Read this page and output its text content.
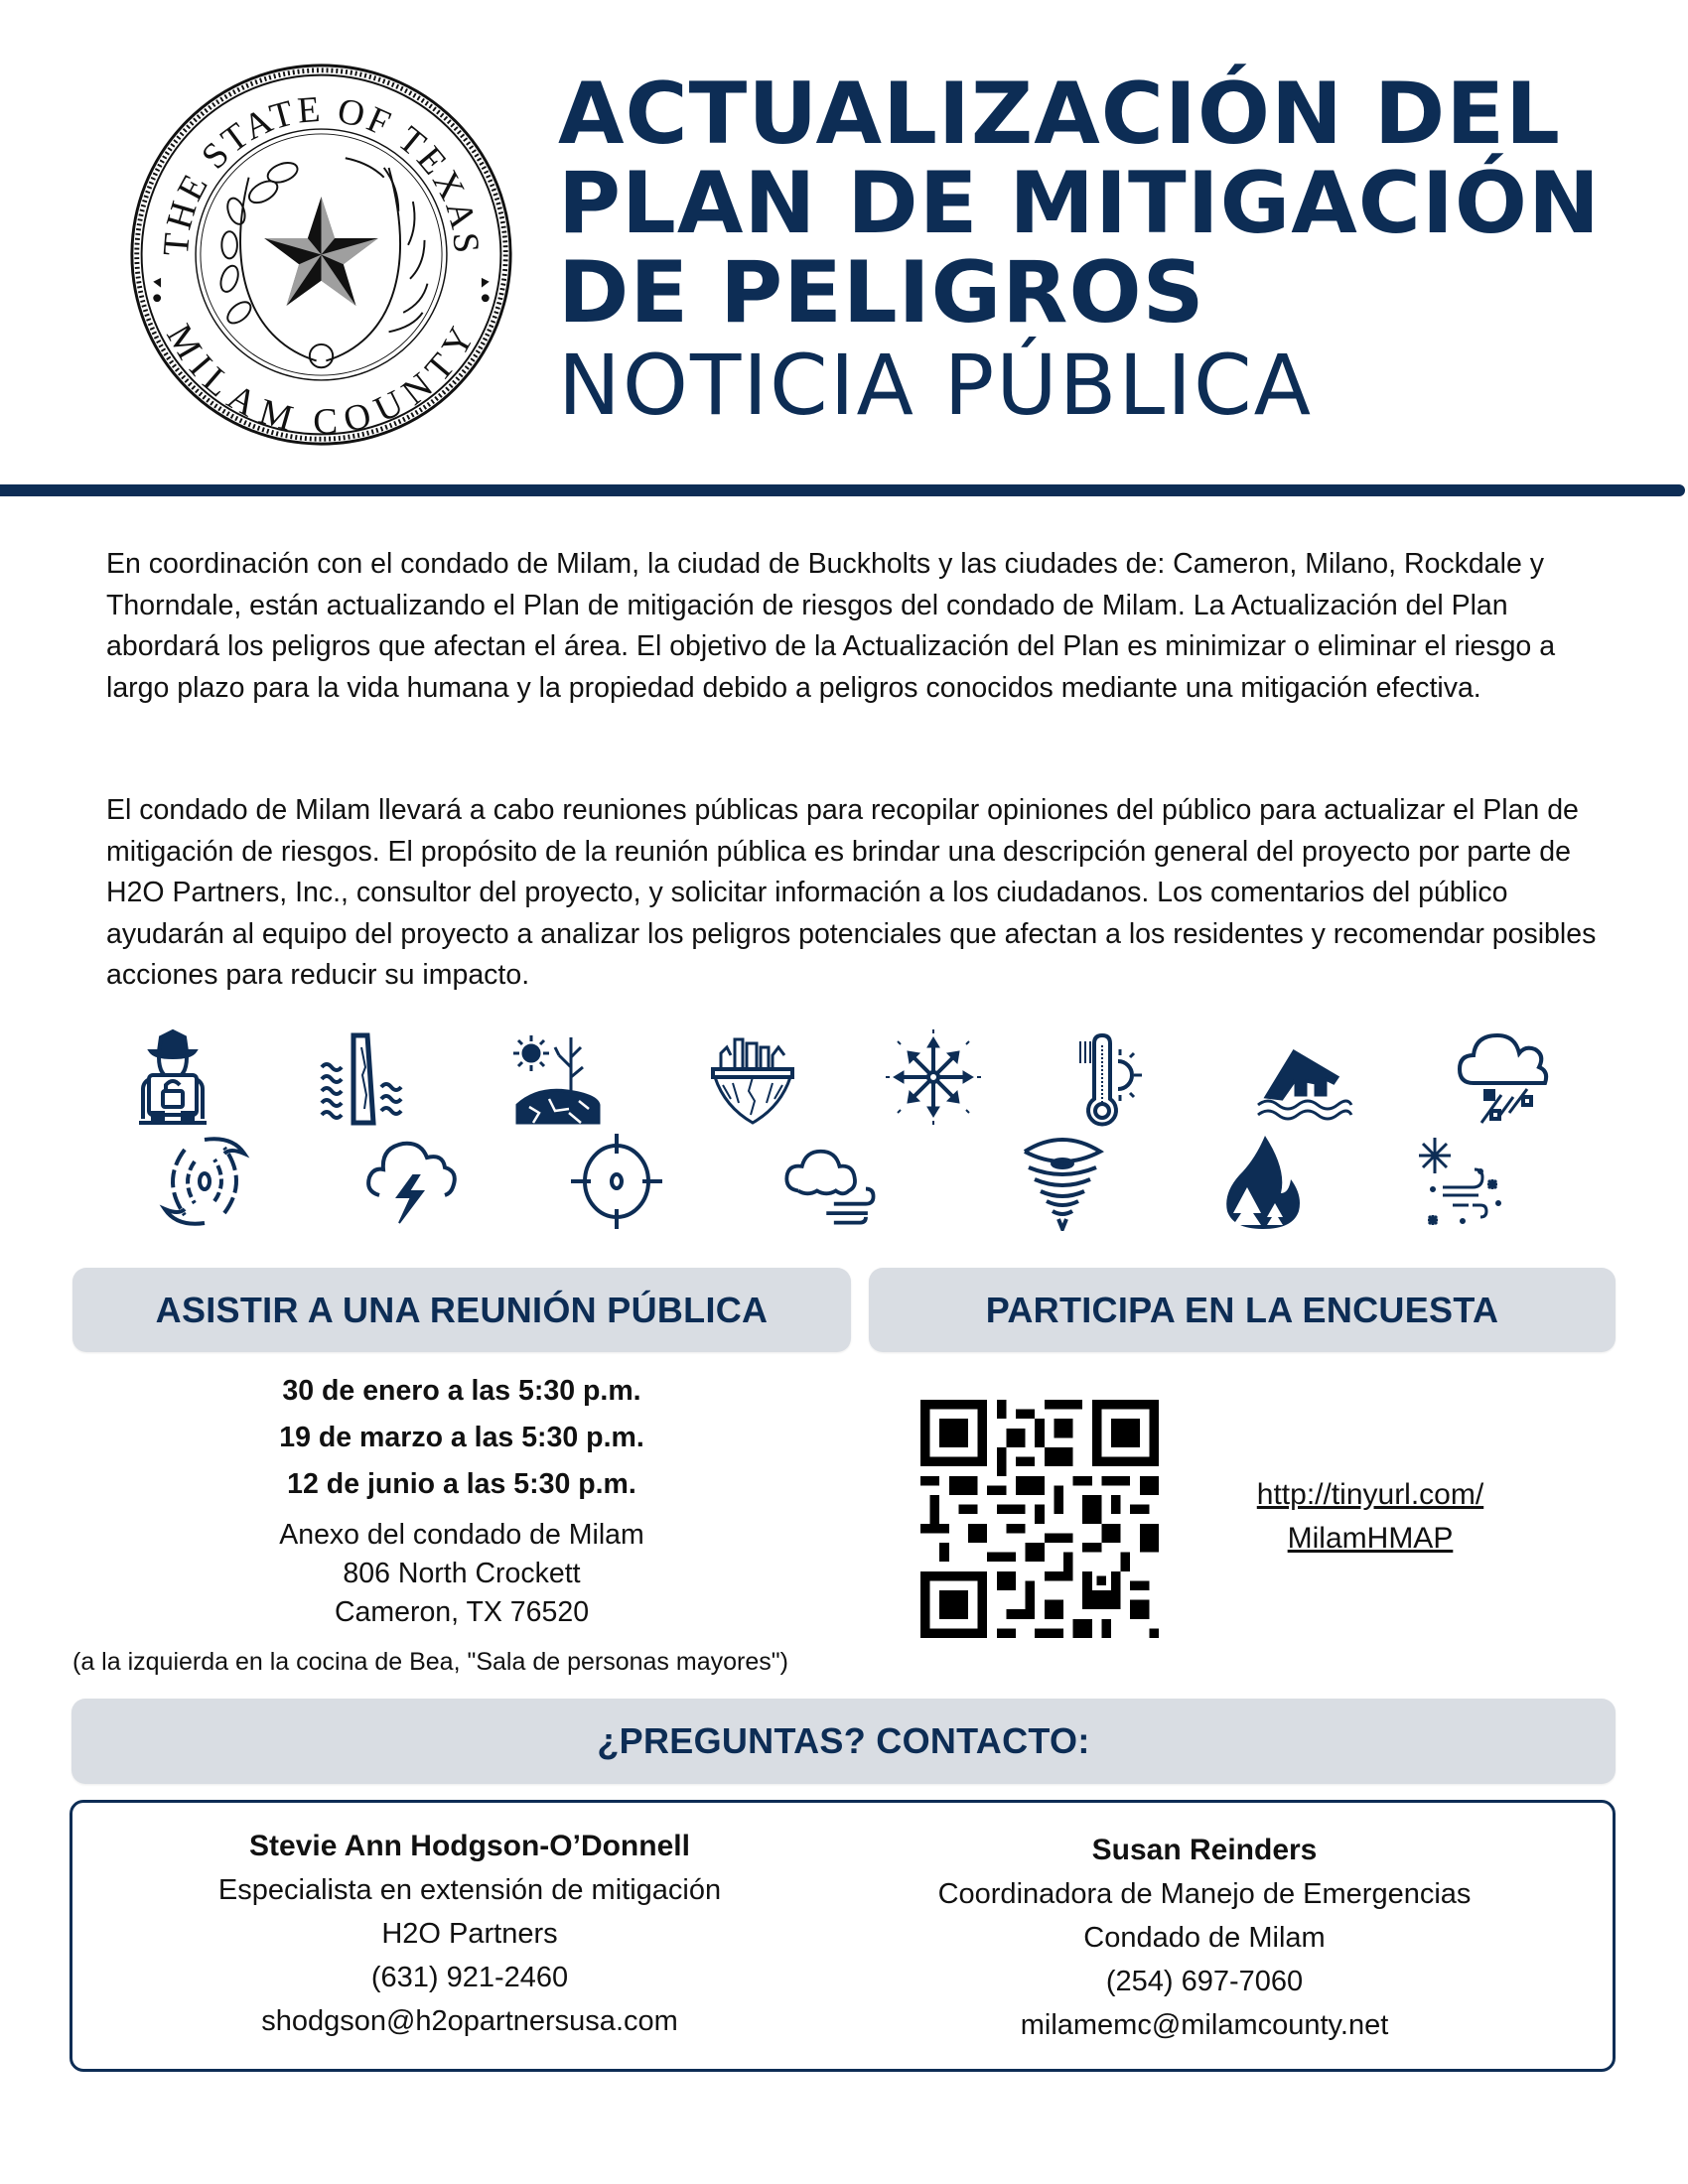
THE STATE OF TEXAS
MILAM COUNTY
ACTUALIZACIÓN DEL
PLAN DE MITIGACIÓN
DE PELIGROS
NOTICIA PÚBLICA

En coordinación con el condado de Milam, la ciudad de Buckholts y las ciudades de: Cameron, Milano, Rockdale y Thorndale, están actualizando el Plan de mitigación de riesgos del condado de Milam. La Actualización del Plan abordará los peligros que afectan el área. El objetivo de la Actualización del Plan es minimizar o eliminar el riesgo a largo plazo para la vida humana y la propiedad debido a peligros conocidos mediante una mitigación efectiva.

El condado de Milam llevará a cabo reuniones públicas para recopilar opiniones del público para actualizar el Plan de mitigación de riesgos. El propósito de la reunión pública es brindar una descripción general del proyecto por parte de H2O Partners, Inc., consultor del proyecto, y solicitar información a los ciudadanos. Los comentarios del público ayudarán al equipo del proyecto a analizar los peligros potenciales que afectan a los residentes y recomendar posibles acciones para reducir su impacto.

ASISTIR A UNA REUNIÓN PÚBLICA	PARTICIPA EN LA ENCUESTA
30 de enero a las 5:30 p.m.
19 de marzo a las 5:30 p.m.
12 de junio a las 5:30 p.m.
Anexo del condado de Milam
806 North Crockett
Cameron, TX 76520
(a la izquierda en la cocina de Bea, "Sala de personas mayores")
http://tinyurl.com/
MilamHMAP
¿PREGUNTAS? CONTACTO:
Stevie Ann Hodgson-O’Donnell
Especialista en extensión de mitigación
H2O Partners
(631) 921-2460
shodgson@h2opartnersusa.com
Susan Reinders
Coordinadora de Manejo de Emergencias
Condado de Milam
(254) 697-7060
milamemc@milamcounty.net
